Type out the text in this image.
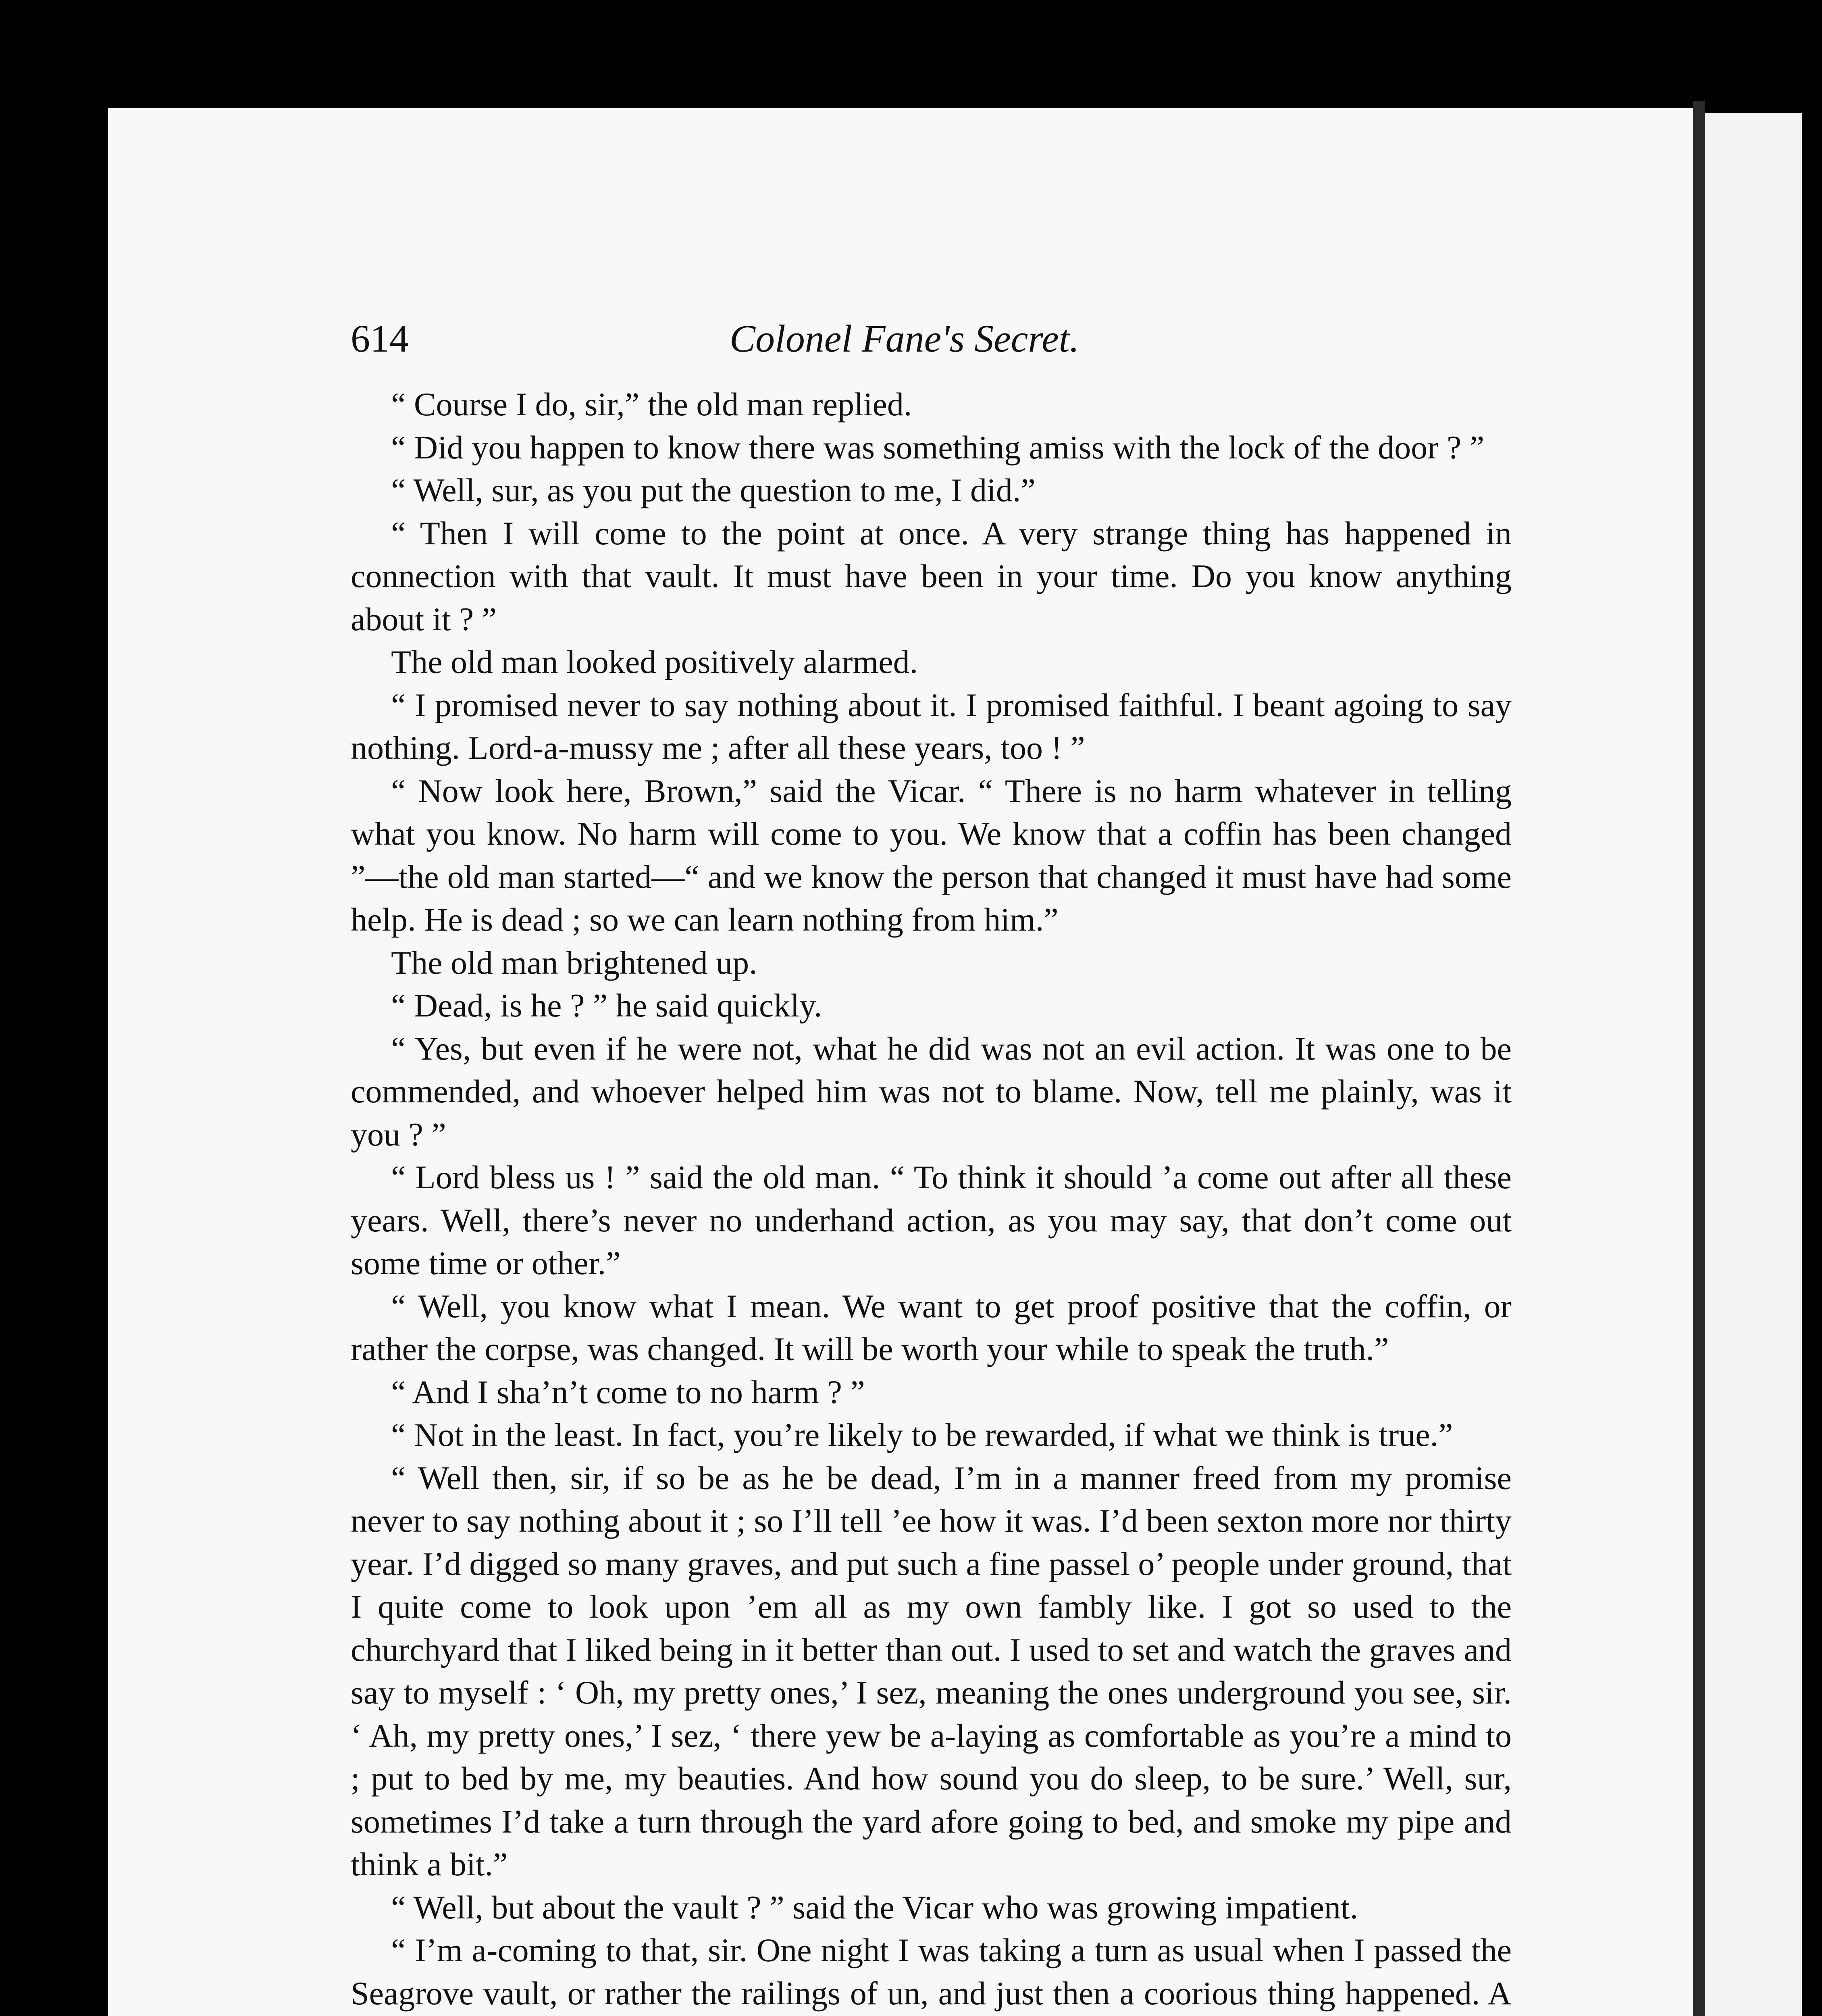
614	Colonel Fane's Secret.

“ Course I do, sir,” the old man replied.

“ Did you happen to know there was something amiss with the lock of the door ? ”

“ Well, sur, as you put the question to me, I did.”

“ Then I will come to the point at once. A very strange thing has happened in connection with that vault. It must have been in your time. Do you know anything about it ? ”

The old man looked positively alarmed.

“ I promised never to say nothing about it. I promised faithful. I beant agoing to say nothing. Lord-a-mussy me ; after all these years, too ! ”

“ Now look here, Brown,” said the Vicar. “ There is no harm whatever in telling what you know. No harm will come to you. We know that a coffin has been changed ”—the old man started—“ and we know the person that changed it must have had some help. He is dead ; so we can learn nothing from him.”

The old man brightened up.

“ Dead, is he ? ” he said quickly.

“ Yes, but even if he were not, what he did was not an evil action. It was one to be commended, and whoever helped him was not to blame. Now, tell me plainly, was it you ? ”

“ Lord bless us ! ” said the old man. “ To think it should ’a come out after all these years. Well, there’s never no underhand action, as you may say, that don’t come out some time or other.”

“ Well, you know what I mean. We want to get proof positive that the coffin, or rather the corpse, was changed. It will be worth your while to speak the truth.”

“ And I sha’n’t come to no harm ? ”

“ Not in the least. In fact, you’re likely to be rewarded, if what we think is true.”

“ Well then, sir, if so be as he be dead, I’m in a manner freed from my promise never to say nothing about it ; so I’ll tell ’ee how it was. I’d been sexton more nor thirty year. I’d digged so many graves, and put such a fine passel o’ people under ground, that I quite come to look upon ’em all as my own fambly like. I got so used to the churchyard that I liked being in it better than out. I used to set and watch the graves and say to myself : ‘ Oh, my pretty ones,’ I sez, meaning the ones underground you see, sir. ‘ Ah, my pretty ones,’ I sez, ‘ there yew be a-laying as comfortable as you’re a mind to ; put to bed by me, my beauties. And how sound you do sleep, to be sure.’ Well, sur, sometimes I’d take a turn through the yard afore going to bed, and smoke my pipe and think a bit.”

“ Well, but about the vault ? ” said the Vicar who was growing impatient.

“ I’m a-coming to that, sir. One night I was taking a turn as usual when I passed the Seagrove vault, or rather the railings of un, and just then a coorious thing happened. A
